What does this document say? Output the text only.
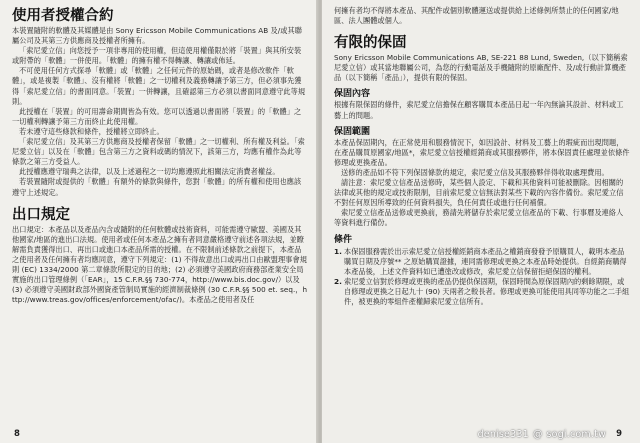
使用者授權合約

本裝置隨附的軟體及其媒體是由 Sony Ericsson Mobile Communications AB 及/或其聯屬公司及其第三方供應商及授權者所擁有。

「索尼愛立信」向您授予一項非專用的使用權，但這使用權僅限於將「裝置」與其所安裝或附帶的「軟體」一併使用。「軟體」的擁有權不得轉讓、轉讓或佈延。

不可使用任何方式探尋「軟體」或「軟體」之任何元件的原始碼，或者是修改軟件「軟體」，或是複製「軟體」、沒有權將「軟體」之一切權利及義務轉讓予第三方，但必須事先獲得「索尼愛立信」的書面同意。「裝置」一併轉讓，且確認第三方必須以書面同意遵守此等規則。

此授權在「裝置」的可用壽命期間皆為有效。您可以透過以書面將「裝置」的「軟體」之一切權利轉讓予第三方而終止此使用權。

若未遵守這些條款和條件，授權將立即終止。

「索尼愛立信」及其第三方供應商及授權者保留「軟體」之一切權利、所有權及利益。「索尼愛立信」以及在「軟體」包含第三方之資料或碼的情況下，該第三方，均應有權作為此等條款之第三方受益人。

此授權應遵守瑞典之法律，以及上述過程之一切均應遵照此相關法定消費者權益。

若裝置隨附或提供的「軟體」有額外的條款與條件，您對「軟體」的所有權和使用也應該遵守上述規定。

出口規定

出口規定：本產品以及產品內含或隨附的任何軟體或技術資料，可能需遵守歐盟、美國及其他國家/地區的進出口法規。使用者或任何本產品之擁有者同意嚴格遵守前述各項法規，並瞭解需負責獲得出口、再出口或進口本產品所需的授權。在不限制前述條款之前提下，本產品之使用者及任何擁有者均應同意，遵守下列規定：(1) 不得故意出口或再出口由歐盟理事會規則 (EC) 1334/2000 第二章條款所限定的目的地；(2) 必須遵守美國政府商務部產業安全局實施的出口管理條例（「EAR」，15 C.F.R.§§ 730-774，http://www.bis.doc.gov/）以及 (3) 必須遵守美國財政部外國資產管制局實施的經濟制裁條例 (30 C.F.R.§§ 500 et. seq.，http://www.treas.gov/offices/enforcement/ofac/)。本產品之使用者及任

8

何擁有者均不得將本產品、其配件或個別軟體運送或提供給上述條例所禁止的任何國家/地區、法人團體或個人。

有限的保固

Sony Ericsson Mobile Communications AB, SE-221 88 Lund, Sweden,（以下簡稱索尼愛立信）或其當地聯屬公司，為您的行動電話及手機隨附的原廠配件、及/或行動計算機產品（以下簡稱「產品」），提供有限的保固。

保固內容

根據有限保固的條件，索尼愛立信擔保在顧客購買本產品日起一年內無論其設計、材料或工藝上的問題。

保固範圍

本產品保固期內，在正常使用和服務情況下，如因設計、材料及工藝上的瑕疵而出現問題，在產品購買原國家/地區*，索尼愛立信授權經銷商或其服務夥伴，將本保固責任處理並依條件修理或更換產品。

送修的產品如不符下列保固條款的規定，索尼愛立信及其服務夥伴得收取處理費用。

請注意：索尼愛立信產品送修時，某些個人設定、下載和其他資料可能被刪除。因相關的法律或其他的規定或技術限制，目前索尼愛立信無法對某些下載的內容作備份。索尼愛立信不對任何原因所導致的任何資料損失，負任何責任或進行任何補償。

索尼愛立信產品送修或更換前，務請先將儲存於索尼愛立信產品的下載、行事曆及連絡人等資料進行備份。

條件
1. 本保固服務需於出示索尼愛立信授權經銷商本產品之權銷商發發予原購買人，載明本產品購買日期及序號** 之原始購買證據，連同需修理或更換之本產品時始提供。自經銷商購得本產品後，上述文件資料如已遭塗改或修改，索尼愛立信保留拒絕保固的權利。
2. 索尼愛立信對於修理或更換的產品仍提供保固期，保固時間為原保固期內的剩餘期限，或自修理或更換之日起九十 (90) 天兩者之較長者。修理或更換可能使用具同等功能之二手組件，被更換的零組件產權歸索尼愛立信所有。
9
denise331 @ sogi.com.tw
